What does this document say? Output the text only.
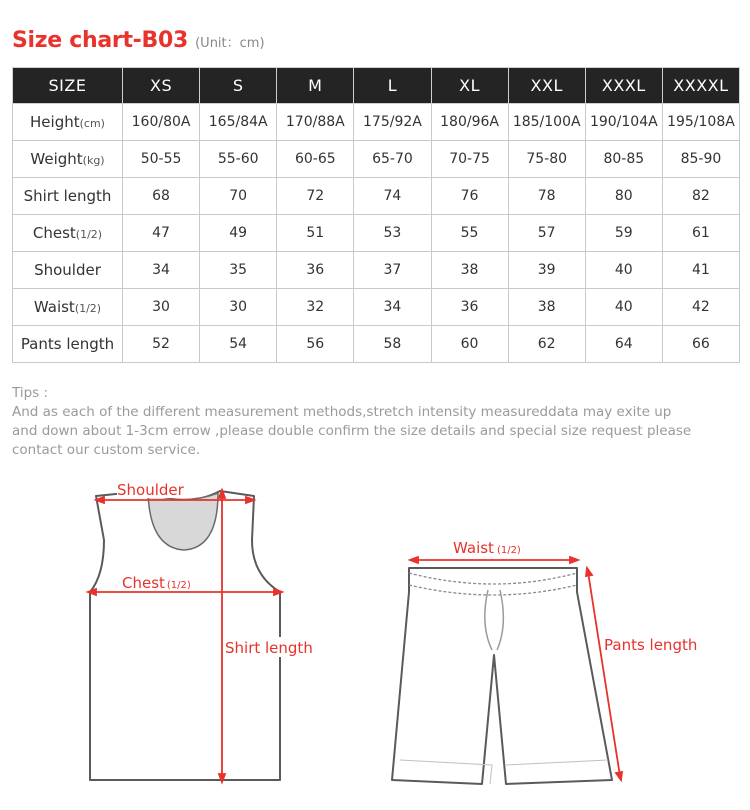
Size chart-B03 (Unit：cm)
SIZE	XS	S	M	L	XL	XXL	XXXL	XXXXL
Height(cm)	160/80A	165/84A	170/88A	175/92A	180/96A	185/100A	190/104A	195/108A
Weight(kg)	50-55	55-60	60-65	65-70	70-75	75-80	80-85	85-90
Shirt length	68	70	72	74	76	78	80	82
Chest(1/2)	47	49	51	53	55	57	59	61
Shoulder	34	35	36	37	38	39	40	41
Waist(1/2)	30	30	32	34	36	38	40	42
Pants length	52	54	56	58	60	62	64	66

Tips :

And as each of the different measurement methods,stretch intensity measureddata may exite up

and down about 1-3cm errow ,please double confirm the size details and special size request please

contact our custom service.

Shoulder
Chest (1/2)
Shirt length
Waist (1/2)
Pants length
